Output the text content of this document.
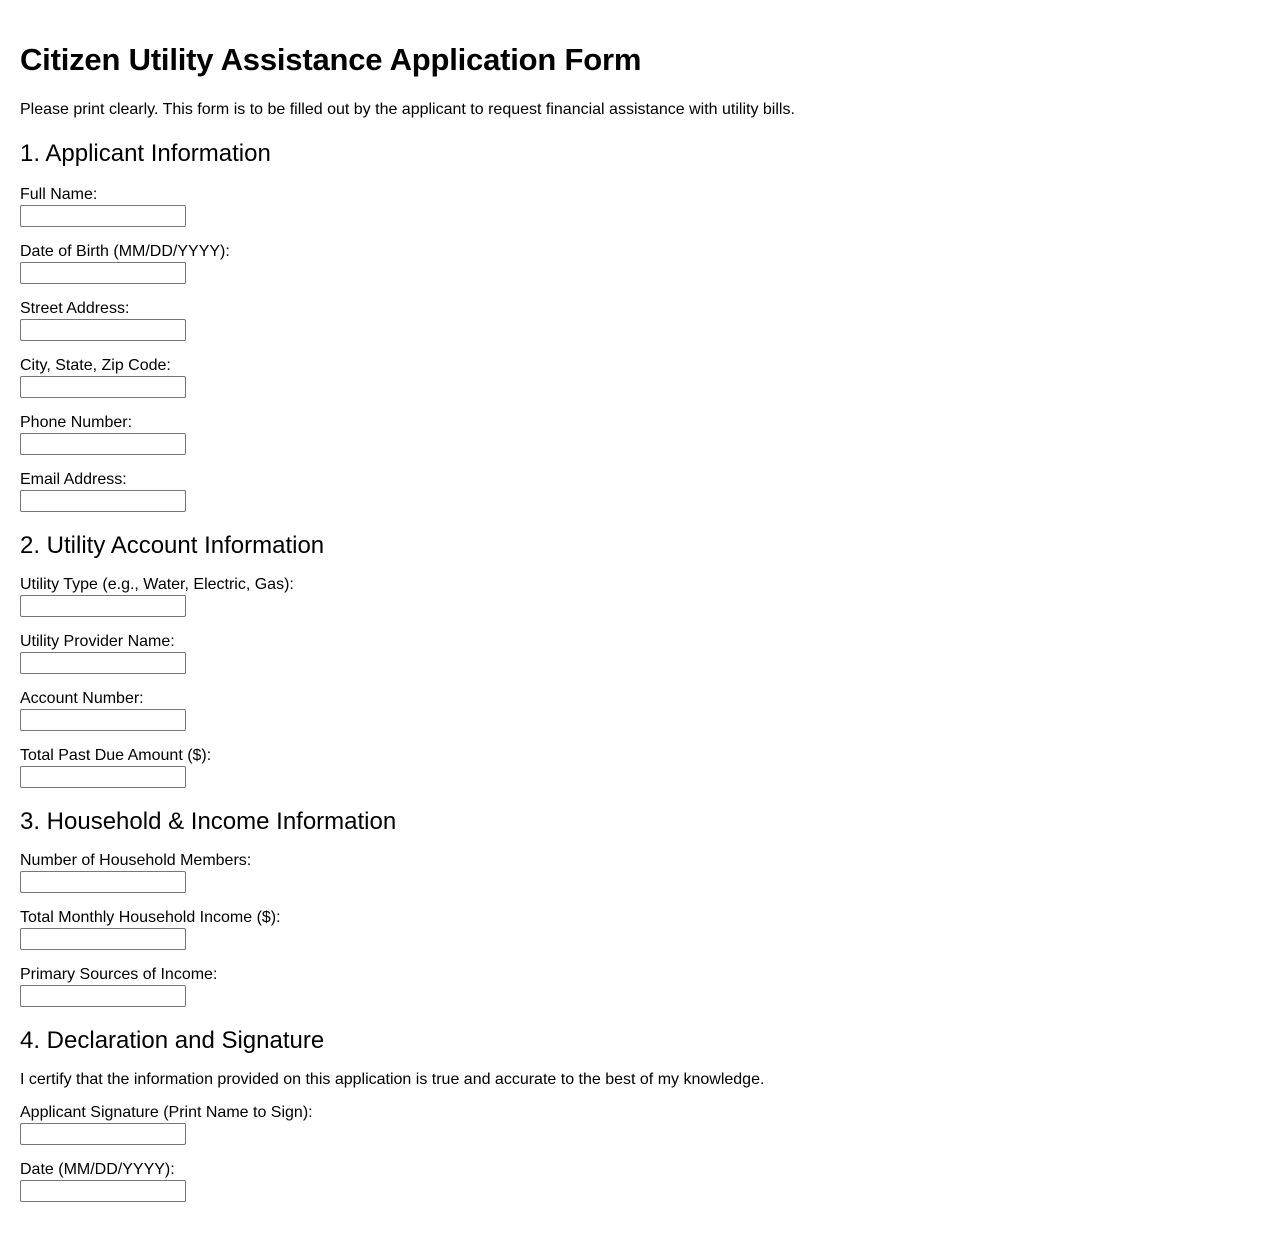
Citizen Utility Assistance Application Form

Please print clearly. This form is to be filled out by the applicant to request financial assistance with utility bills.

1. Applicant Information
Full Name:
Date of Birth (MM/DD/YYYY):
Street Address:
City, State, Zip Code:
Phone Number:
Email Address:
2. Utility Account Information
Utility Type (e.g., Water, Electric, Gas):
Utility Provider Name:
Account Number:
Total Past Due Amount ($):
3. Household & Income Information
Number of Household Members:
Total Monthly Household Income ($):
Primary Sources of Income:
4. Declaration and Signature

I certify that the information provided on this application is true and accurate to the best of my knowledge.

Applicant Signature (Print Name to Sign):
Date (MM/DD/YYYY):
